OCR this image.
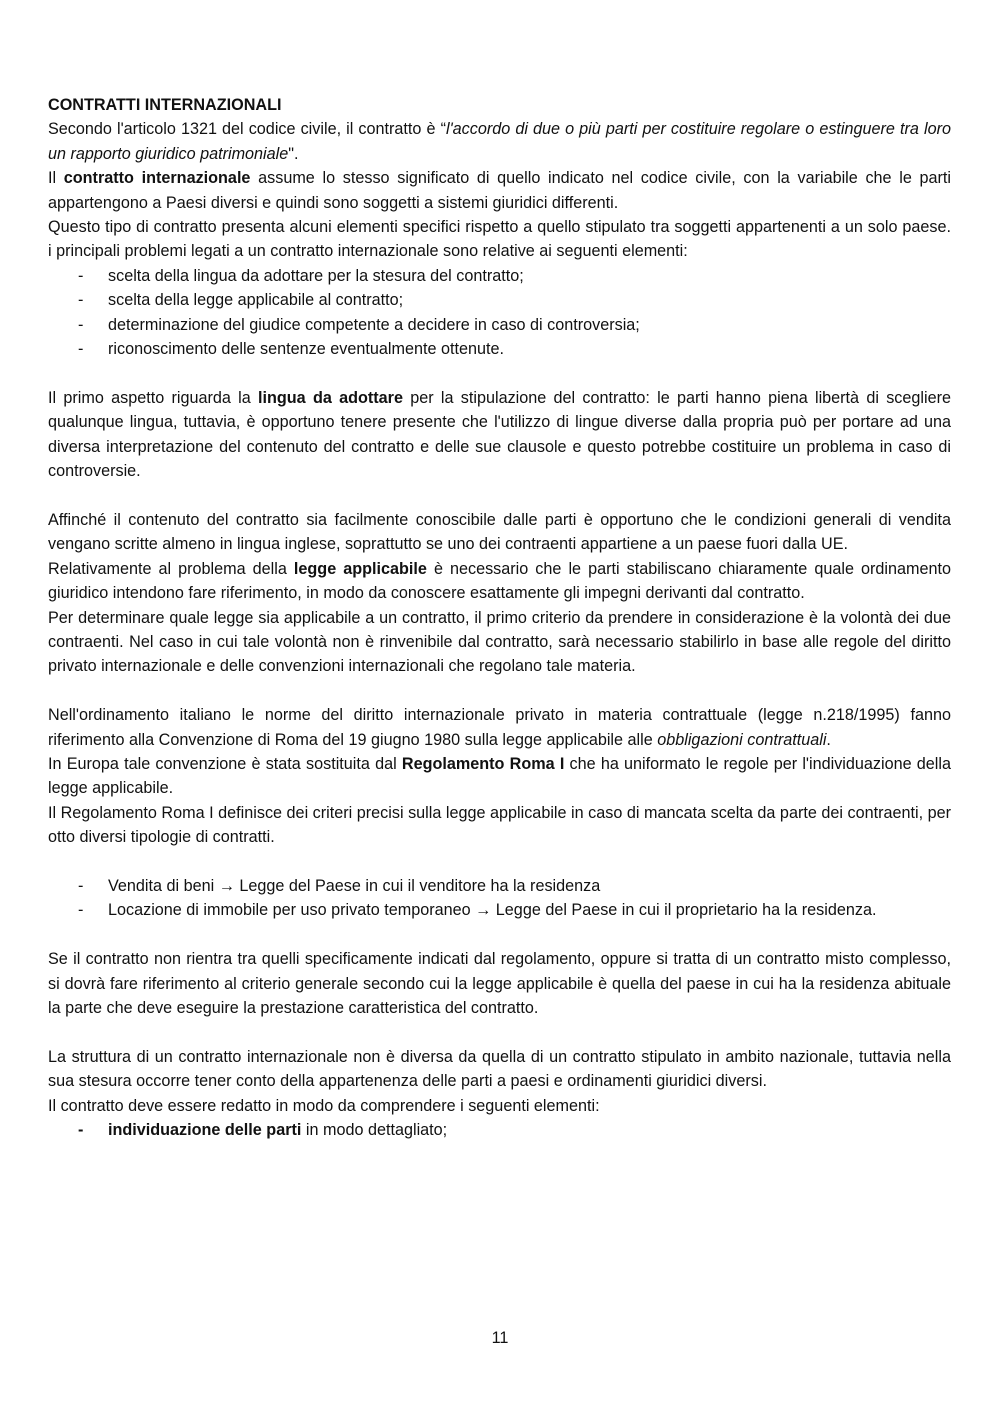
CONTRATTI INTERNAZIONALI

Secondo l'articolo 1321 del codice civile, il contratto è “l'accordo di due o più parti per costituire regolare o estinguere tra loro un rapporto giuridico patrimoniale".

Il contratto internazionale assume lo stesso significato di quello indicato nel codice civile, con la variabile che le parti appartengono a Paesi diversi e quindi sono soggetti a sistemi giuridici differenti.

Questo tipo di contratto presenta alcuni elementi specifici rispetto a quello stipulato tra soggetti appartenenti a un solo paese. i principali problemi legati a un contratto internazionale sono relative ai seguenti elementi:

- scelta della lingua da adottare per la stesura del contratto;
- scelta della legge applicabile al contratto;
- determinazione del giudice competente a decidere in caso di controversia;
- riconoscimento delle sentenze eventualmente ottenute.

Il primo aspetto riguarda la lingua da adottare per la stipulazione del contratto: le parti hanno piena libertà di scegliere qualunque lingua, tuttavia, è opportuno tenere presente che l'utilizzo di lingue diverse dalla propria può per portare ad una diversa interpretazione del contenuto del contratto e delle sue clausole e questo potrebbe costituire un problema in caso di controversie.

Affinché il contenuto del contratto sia facilmente conoscibile dalle parti è opportuno che le condizioni generali di vendita vengano scritte almeno in lingua inglese, soprattutto se uno dei contraenti appartiene a un paese fuori dalla UE.

Relativamente al problema della legge applicabile è necessario che le parti stabiliscano chiaramente quale ordinamento giuridico intendono fare riferimento, in modo da conoscere esattamente gli impegni derivanti dal contratto.

Per determinare quale legge sia applicabile a un contratto, il primo criterio da prendere in considerazione è la volontà dei due contraenti. Nel caso in cui tale volontà non è rinvenibile dal contratto, sarà necessario stabilirlo in base alle regole del diritto privato internazionale e delle convenzioni internazionali che regolano tale materia.

Nell'ordinamento italiano le norme del diritto internazionale privato in materia contrattuale (legge n.218/1995) fanno riferimento alla Convenzione di Roma del 19 giugno 1980 sulla legge applicabile alle obbligazioni contrattuali.

In Europa tale convenzione è stata sostituita dal Regolamento Roma I che ha uniformato le regole per l'individuazione della legge applicabile.

Il Regolamento Roma I definisce dei criteri precisi sulla legge applicabile in caso di mancata scelta da parte dei contraenti, per otto diversi tipologie di contratti.

- Vendita di beni → Legge del Paese in cui il venditore ha la residenza
- Locazione di immobile per uso privato temporaneo → Legge del Paese in cui il proprietario ha la residenza.

Se il contratto non rientra tra quelli specificamente indicati dal regolamento, oppure si tratta di un contratto misto complesso, si dovrà fare riferimento al criterio generale secondo cui la legge applicabile è quella del paese in cui ha la residenza abituale la parte che deve eseguire la prestazione caratteristica del contratto.

La struttura di un contratto internazionale non è diversa da quella di un contratto stipulato in ambito nazionale, tuttavia nella sua stesura occorre tener conto della appartenenza delle parti a paesi e ordinamenti giuridici diversi.

Il contratto deve essere redatto in modo da comprendere i seguenti elementi:

- individuazione delle parti in modo dettagliato;
11
